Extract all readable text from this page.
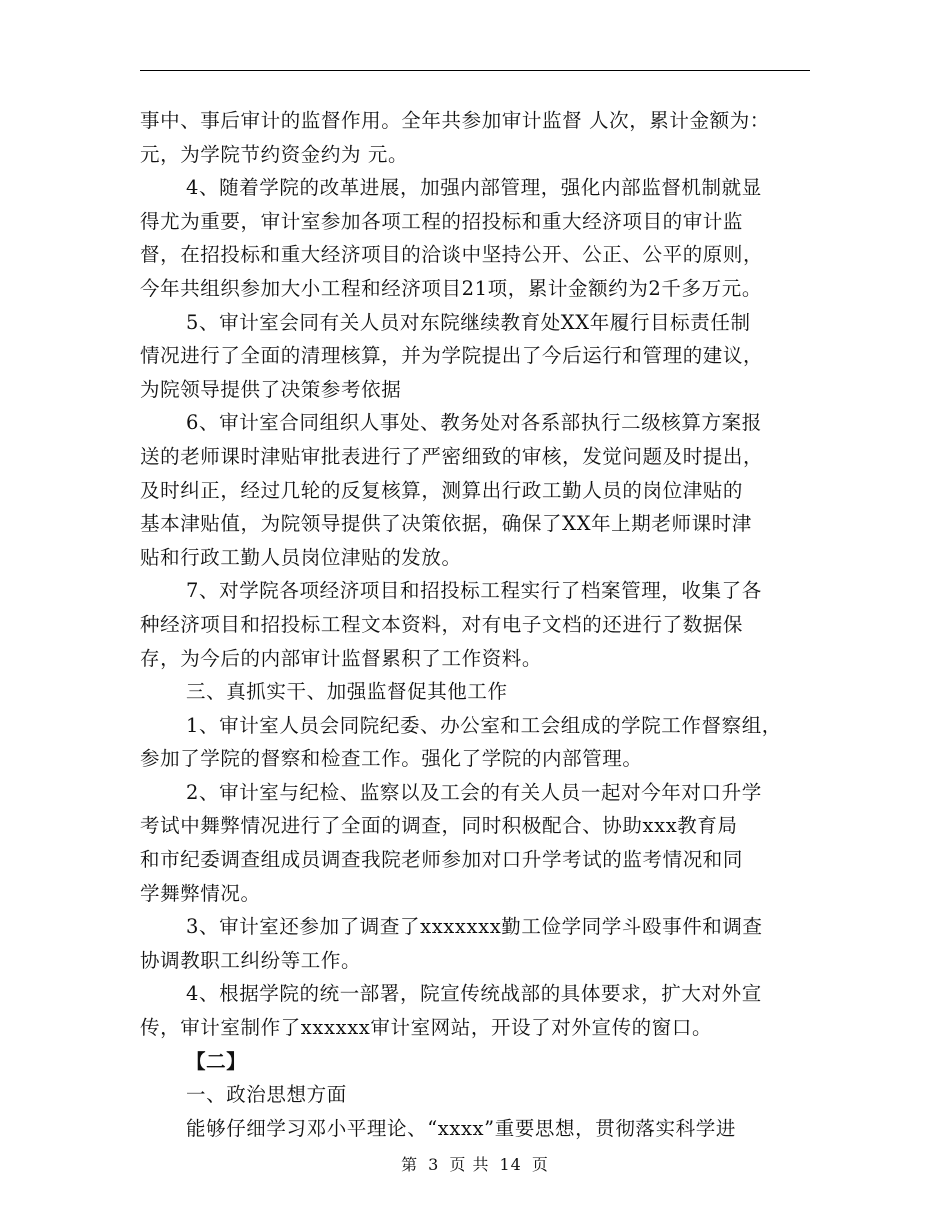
事中、事后审计的监督作用。全年共参加审计监督 人次，累计金额为：
元，为学院节约资金约为 元。
4、随着学院的改革进展，加强内部管理，强化内部监督机制就显
得尤为重要，审计室参加各项工程的招投标和重大经济项目的审计监
督，在招投标和重大经济项目的洽谈中坚持公开、公正、公平的原则，
今年共组织参加大小工程和经济项目21项，累计金额约为2千多万元。
5、审计室会同有关人员对东院继续教育处XX年履行目标责任制
情况进行了全面的清理核算，并为学院提出了今后运行和管理的建议，
为院领导提供了决策参考依据
6、审计室合同组织人事处、教务处对各系部执行二级核算方案报
送的老师课时津贴审批表进行了严密细致的审核，发觉问题及时提出，
及时纠正，经过几轮的反复核算，测算出行政工勤人员的岗位津贴的
基本津贴值，为院领导提供了决策依据，确保了XX年上期老师课时津
贴和行政工勤人员岗位津贴的发放。
7、对学院各项经济项目和招投标工程实行了档案管理，收集了各
种经济项目和招投标工程文本资料，对有电子文档的还进行了数据保
存，为今后的内部审计监督累积了工作资料。
三、真抓实干、加强监督促其他工作
1、审计室人员会同院纪委、办公室和工会组成的学院工作督察组，
参加了学院的督察和检查工作。强化了学院的内部管理。
2、审计室与纪检、监察以及工会的有关人员一起对今年对口升学
考试中舞弊情况进行了全面的调查，同时积极配合、协助xxx教育局
和市纪委调查组成员调查我院老师参加对口升学考试的监考情况和同
学舞弊情况。
3、审计室还参加了调查了xxxxxxx勤工俭学同学斗殴事件和调查
协调教职工纠纷等工作。
4、根据学院的统一部署，院宣传统战部的具体要求，扩大对外宣
传，审计室制作了xxxxxx审计室网站，开设了对外宣传的窗口。
【二】
一、政治思想方面
能够仔细学习邓小平理论、“xxxx”重要思想，贯彻落实科学进
第 3 页 共 14 页
